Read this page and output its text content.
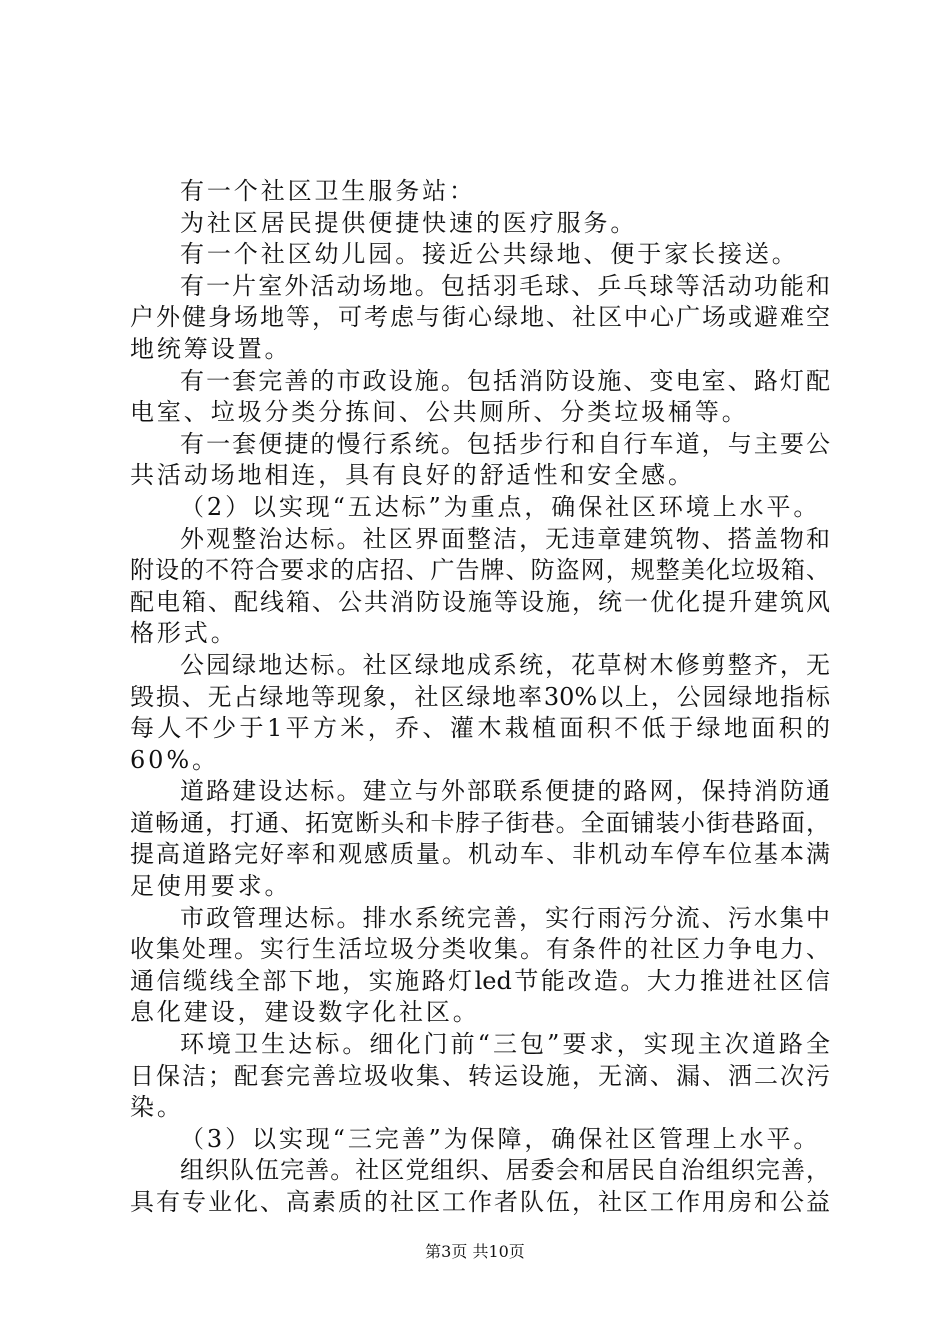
有一个社区卫生服务站：
为社区居民提供便捷快速的医疗服务。
有一个社区幼儿园。接近公共绿地、便于家长接送。
有一片室外活动场地。包括羽毛球、乒乓球等活动功能和
户外健身场地等，可考虑与街心绿地、社区中心广场或避难空
地统筹设置。
有一套完善的市政设施。包括消防设施、变电室、路灯配
电室、垃圾分类分拣间、公共厕所、分类垃圾桶等。
有一套便捷的慢行系统。包括步行和自行车道，与主要公
共活动场地相连，具有良好的舒适性和安全感。
（2）以实现“五达标”为重点，确保社区环境上水平。
外观整治达标。社区界面整洁，无违章建筑物、搭盖物和
附设的不符合要求的店招、广告牌、防盗网，规整美化垃圾箱、
配电箱、配线箱、公共消防设施等设施，统一优化提升建筑风
格形式。
公园绿地达标。社区绿地成系统，花草树木修剪整齐，无
毁损、无占绿地等现象，社区绿地率30%以上，公园绿地指标
每人不少于1平方米，乔、灌木栽植面积不低于绿地面积的
60%。
道路建设达标。建立与外部联系便捷的路网，保持消防通
道畅通，打通、拓宽断头和卡脖子街巷。全面铺装小街巷路面，
提高道路完好率和观感质量。机动车、非机动车停车位基本满
足使用要求。
市政管理达标。排水系统完善，实行雨污分流、污水集中
收集处理。实行生活垃圾分类收集。有条件的社区力争电力、
通信缆线全部下地，实施路灯led节能改造。大力推进社区信
息化建设，建设数字化社区。
环境卫生达标。细化门前“三包”要求，实现主次道路全
日保洁；配套完善垃圾收集、转运设施，无滴、漏、洒二次污
染。
（3）以实现“三完善”为保障，确保社区管理上水平。
组织队伍完善。社区党组织、居委会和居民自治组织完善，
具有专业化、高素质的社区工作者队伍，社区工作用房和公益
第3页 共10页
